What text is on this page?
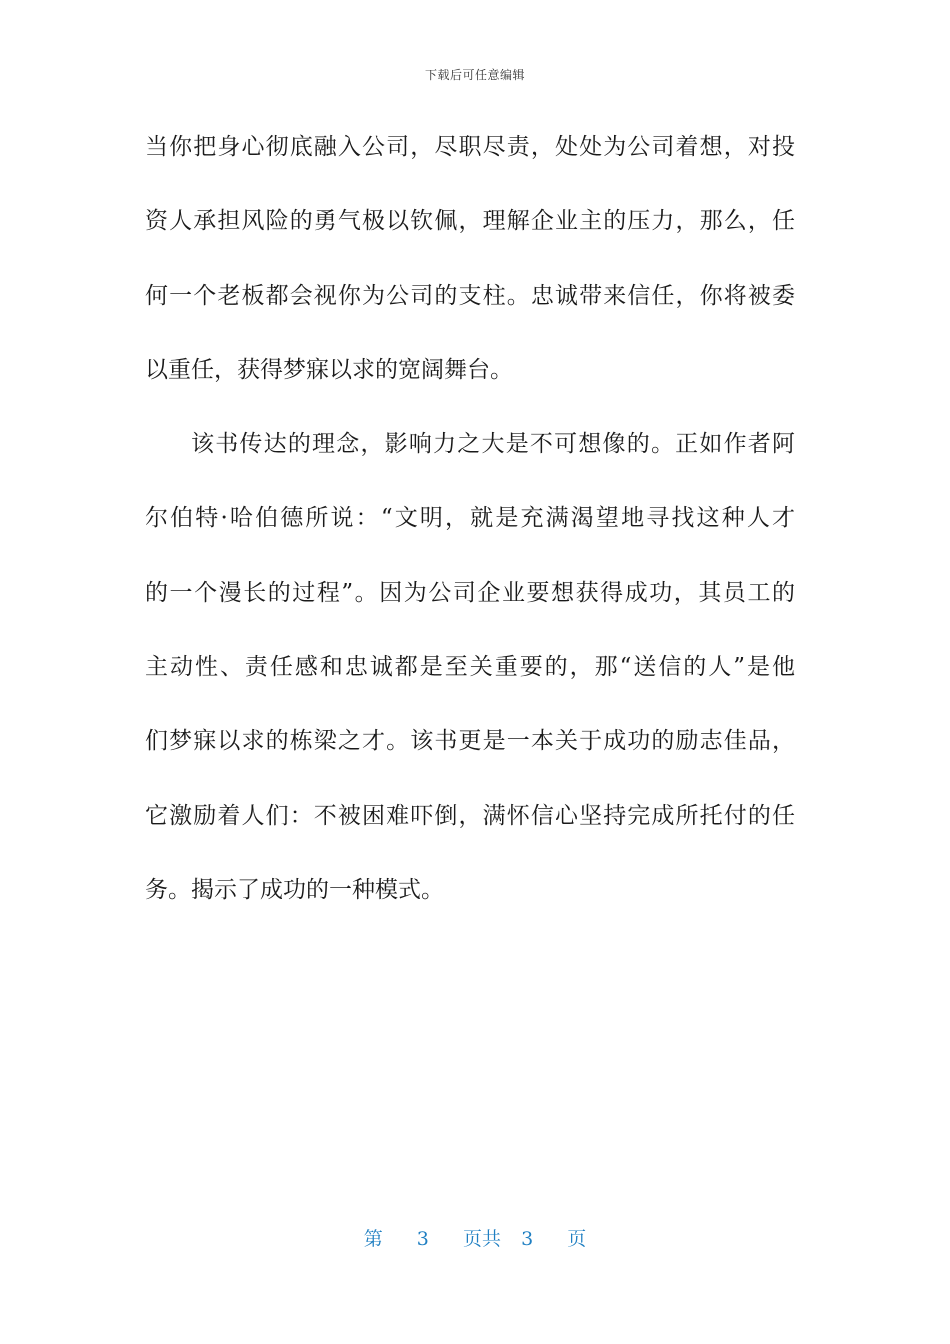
下载后可任意编辑
当你把身心彻底融入公司，尽职尽责，处处为公司着想，对投
资人承担风险的勇气极以钦佩，理解企业主的压力，那么，任
何一个老板都会视你为公司的支柱。忠诚带来信任，你将被委
以重任，获得梦寐以求的宽阔舞台。
该书传达的理念，影响力之大是不可想像的。正如作者阿
尔伯特·哈伯德所说：“文明，就是充满渴望地寻找这种人才
的一个漫长的过程”。因为公司企业要想获得成功，其员工的
主动性、责任感和忠诚都是至关重要的，那“送信的人”是他
们梦寐以求的栋梁之才。该书更是一本关于成功的励志佳品，
它激励着人们：不被困难吓倒，满怀信心坚持完成所托付的任
务。揭示了成功的一种模式。
第 3 页共 3 页
